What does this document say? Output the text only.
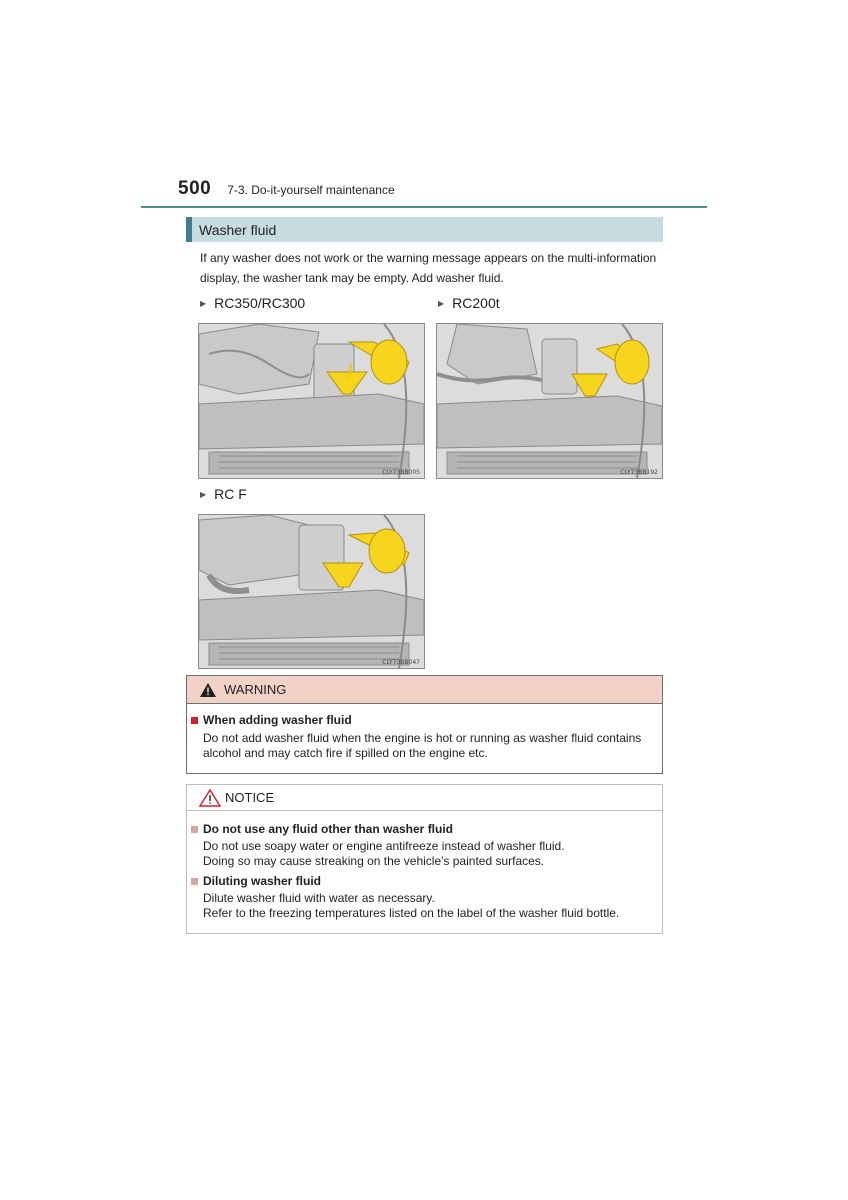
500 7-3. Do-it-yourself maintenance
Washer fluid

If any washer does not work or the warning message appears on the multi-information display, the washer tank may be empty. Add washer fluid.

▶ RC350/RC300	▶ RC200t
▶ RC F
CLY73BB005	CLY73BB192
CLY73BB047
WARNING
When adding washer fluid
Do not add washer fluid when the engine is hot or running as washer fluid contains alcohol and may catch fire if spilled on the engine etc.
NOTICE
Do not use any fluid other than washer fluid
Do not use soapy water or engine antifreeze instead of washer fluid.
Doing so may cause streaking on the vehicle's painted surfaces.
Diluting washer fluid
Dilute washer fluid with water as necessary.
Refer to the freezing temperatures listed on the label of the washer fluid bottle.
